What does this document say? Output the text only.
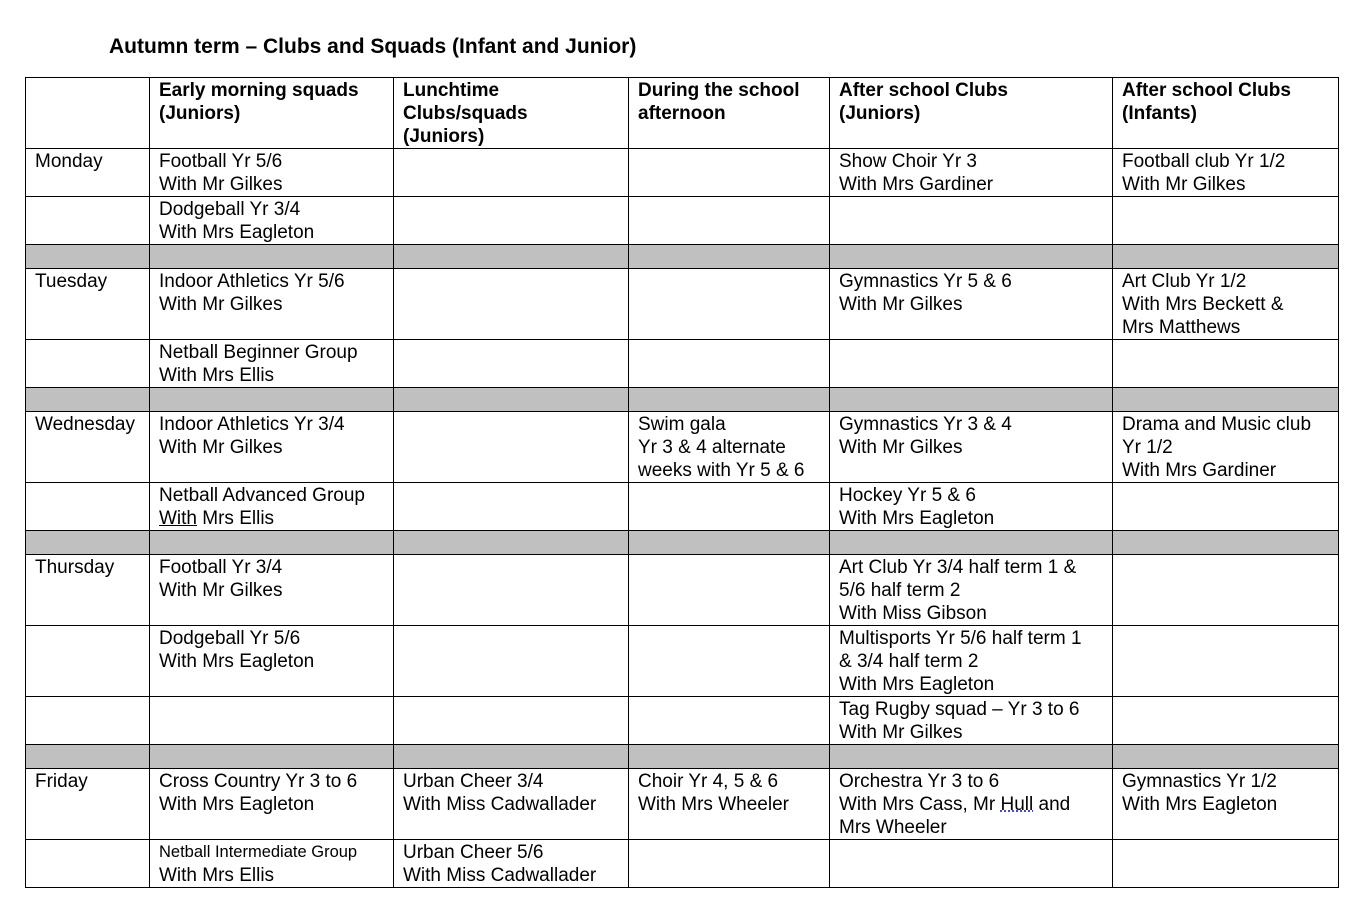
Autumn term – Clubs and Squads (Infant and Junior)

	Early morning squads
(Juniors)	Lunchtime
Clubs/squads
(Juniors)	During the school
afternoon	After school Clubs
(Juniors)	After school Clubs
(Infants)

Monday	Football Yr 5/6
With Mr Gilkes			Show Choir Yr 3
With Mrs Gardiner	Football club Yr 1/2
With Mr Gilkes

	Dodgeball Yr 3/4
With Mrs Eagleton				

Tuesday	Indoor Athletics Yr 5/6
With Mr Gilkes			Gymnastics Yr 5 & 6
With Mr Gilkes	Art Club Yr 1/2
With Mrs Beckett &
Mrs Matthews

	Netball Beginner Group
With Mrs Ellis				

Wednesday	Indoor Athletics Yr 3/4
With Mr Gilkes		Swim gala
Yr 3 & 4 alternate
weeks with Yr 5 & 6	Gymnastics Yr 3 & 4
With Mr Gilkes	Drama and Music club
Yr 1/2
With Mrs Gardiner

	Netball Advanced Group
With Mrs Ellis			Hockey Yr 5 & 6
With Mrs Eagleton	

Thursday	Football Yr 3/4
With Mr Gilkes			Art Club Yr 3/4 half term 1 &
5/6 half term 2
With Miss Gibson	

	Dodgeball Yr 5/6
With Mrs Eagleton			Multisports Yr 5/6 half term 1
& 3/4 half term 2
With Mrs Eagleton	

				Tag Rugby squad – Yr 3 to 6
With Mr Gilkes	

Friday	Cross Country Yr 3 to 6
With Mrs Eagleton	Urban Cheer 3/4
With Miss Cadwallader	Choir Yr 4, 5 & 6
With Mrs Wheeler	Orchestra Yr 3 to 6
With Mrs Cass, Mr Hull and
Mrs Wheeler	Gymnastics Yr 1/2
With Mrs Eagleton

	Netball Intermediate Group
With Mrs Ellis	Urban Cheer 5/6
With Miss Cadwallader			
